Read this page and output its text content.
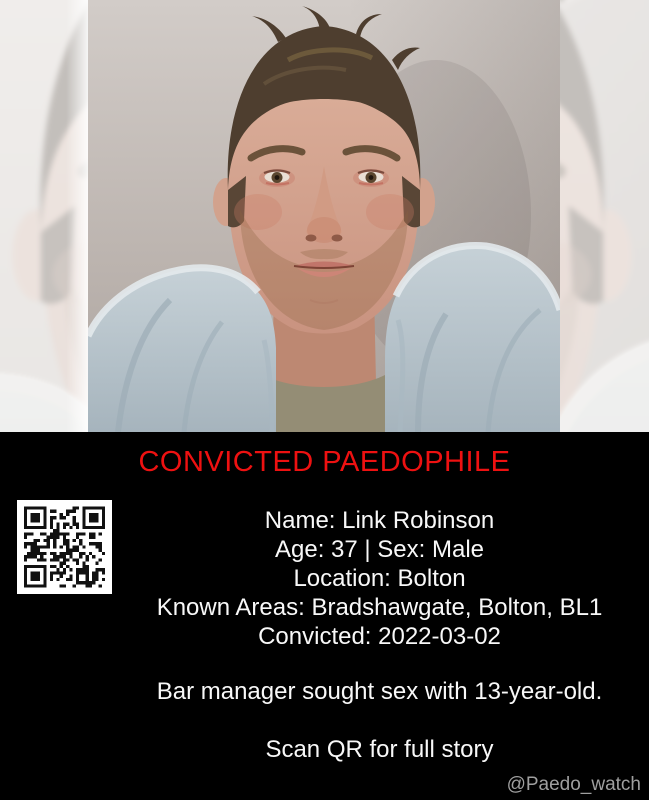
CONVICTED PAEDOPHILE
Name: Link Robinson
Age: 37 | Sex: Male
Location: Bolton
Known Areas: Bradshawgate, Bolton, BL1
Convicted: 2022-03-02
Bar manager sought sex with 13-year-old.
Scan QR for full story
@Paedo_watch
